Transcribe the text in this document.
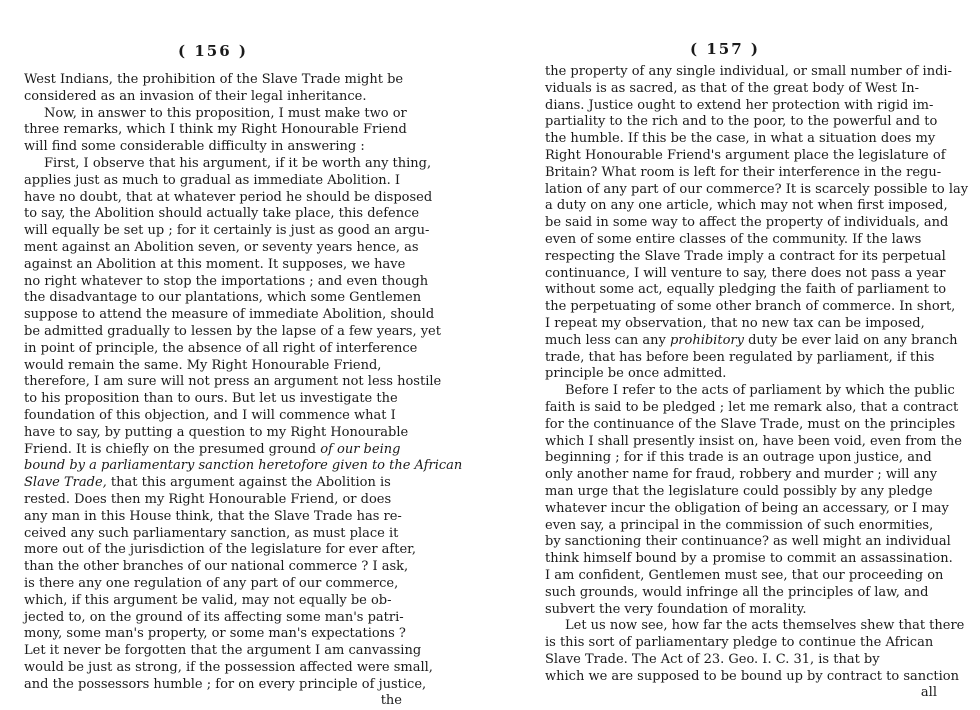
( 156 )
West Indians, the prohibition of the Slave Trade might be
considered as an invasion of their legal inheritance.
Now, in answer to this proposition, I must make two or
three remarks, which I think my Right Honourable Friend
will find some considerable difficulty in answering :
First, I observe that his argument, if it be worth any thing,
applies just as much to gradual as immediate Abolition. I
have no doubt, that at whatever period he should be disposed
to say, the Abolition should actually take place, this defence
will equally be set up ; for it certainly is just as good an argu-
ment against an Abolition seven, or seventy years hence, as
against an Abolition at this moment. It supposes, we have
no right whatever to stop the importations ; and even though
the disadvantage to our plantations, which some Gentlemen
suppose to attend the measure of immediate Abolition, should
be admitted gradually to lessen by the lapse of a few years, yet
in point of principle, the absence of all right of interference
would remain the same. My Right Honourable Friend,
therefore, I am sure will not press an argument not less hostile
to his proposition than to ours. But let us investigate the
foundation of this objection, and I will commence what I
have to say, by putting a question to my Right Honourable
Friend. It is chiefly on the presumed ground of our being
bound by a parliamentary sanction heretofore given to the African
Slave Trade, that this argument against the Abolition is
rested. Does then my Right Honourable Friend, or does
any man in this House think, that the Slave Trade has re-
ceived any such parliamentary sanction, as must place it
more out of the jurisdiction of the legislature for ever after,
than the other branches of our national commerce ? I ask,
is there any one regulation of any part of our commerce,
which, if this argument be valid, may not equally be ob-
jected to, on the ground of its affecting some man's patri-
mony, some man's property, or some man's expectations ?
Let it never be forgotten that the argument I am canvassing
would be just as strong, if the possession affected were small,
and the possessors humble ; for on every principle of justice,
the
( 157 )
the property of any single individual, or small number of indi-
viduals is as sacred, as that of the great body of West In-
dians. Justice ought to extend her protection with rigid im-
partiality to the rich and to the poor, to the powerful and to
the humble. If this be the case, in what a situation does my
Right Honourable Friend's argument place the legislature of
Britain? What room is left for their interference in the regu-
lation of any part of our commerce? It is scarcely possible to lay
a duty on any one article, which may not when first imposed,
be said in some way to affect the property of individuals, and
even of some entire classes of the community. If the laws
respecting the Slave Trade imply a contract for its perpetual
continuance, I will venture to say, there does not pass a year
without some act, equally pledging the faith of parliament to
the perpetuating of some other branch of commerce. In short,
I repeat my observation, that no new tax can be imposed,
much less can any prohibitory duty be ever laid on any branch
trade, that has before been regulated by parliament, if this
principle be once admitted.
Before I refer to the acts of parliament by which the public
faith is said to be pledged ; let me remark also, that a contract
for the continuance of the Slave Trade, must on the principles
which I shall presently insist on, have been void, even from the
beginning ; for if this trade is an outrage upon justice, and
only another name for fraud, robbery and murder ; will any
man urge that the legislature could possibly by any pledge
whatever incur the obligation of being an accessary, or I may
even say, a principal in the commission of such enormities,
by sanctioning their continuance? as well might an individual
think himself bound by a promise to commit an assassination.
I am confident, Gentlemen must see, that our proceeding on
such grounds, would infringe all the principles of law, and
subvert the very foundation of morality.
Let us now see, how far the acts themselves shew that there
is this sort of parliamentary pledge to continue the African
Slave Trade. The Act of 23. Geo. I. C. 31, is that by
which we are supposed to be bound up by contract to sanction
all
